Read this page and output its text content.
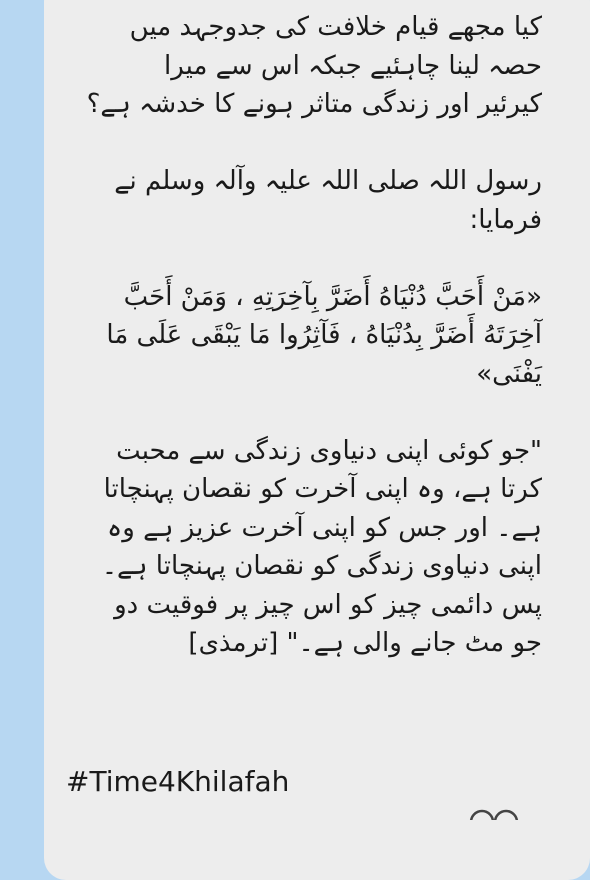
کیا مجھے قیام خلافت کی جدوجہد میں

حصہ لینا چاہئیے جبکہ اس سے میرا

کیرئیر اور زندگی متاثر ہونے کا خدشہ ہے؟

رسول اللہ صلی اللہ علیہ وآلہ وسلم نے

فرمایا:

«مَنْ أَحَبَّ دُنْيَاهُ أَضَرَّ بِآخِرَتِهِ ، وَمَنْ أَحَبَّ

آخِرَتَهُ أَضَرَّ بِدُنْيَاهُ ، فَآثِرُوا مَا يَبْقَى عَلَى مَا

يَفْنَى»

"جو کوئی اپنی دنیاوی زندگی سے محبت

کرتا ہے، وہ اپنی آخرت کو نقصان پہنچاتا

ہے۔ اور جس کو اپنی آخرت عزیز ہے وہ

اپنی دنیاوی زندگی کو نقصان پہنچاتا ہے۔

پس دائمی چیز کو اس چیز پر فوقیت دو

جو مٹ جانے والی ہے۔" [ترمذی]

#Time4Khilafah
